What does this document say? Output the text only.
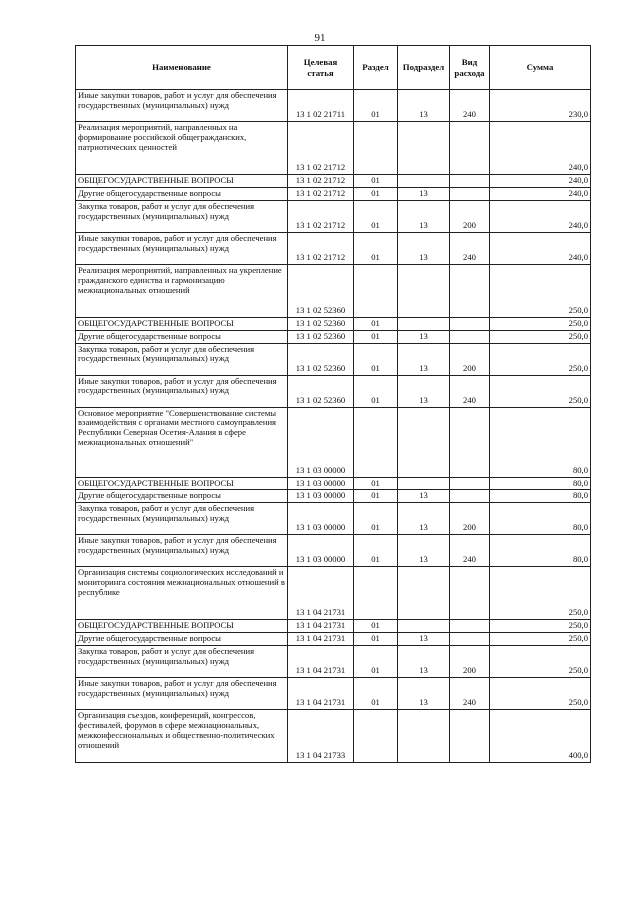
91
Наименование	Целевая статья	Раздел	Подраздел	Вид расхода	Сумма
Иные закупки товаров, работ и услуг для обеспечения государственных (муниципальных) нужд	13 1 02 21711	01	13	240	230,0
Реализация мероприятий, направленных на формирование российской общегражданских, патриотических ценностей	13 1 02 21712				240,0
ОБЩЕГОСУДАРСТВЕННЫЕ ВОПРОСЫ	13 1 02 21712	01			240,0
Другие общегосударственные вопросы	13 1 02 21712	01	13		240,0
Закупка товаров, работ и услуг для обеспечения государственных (муниципальных) нужд	13 1 02 21712	01	13	200	240,0
Иные закупки товаров, работ и услуг для обеспечения государственных (муниципальных) нужд	13 1 02 21712	01	13	240	240,0
Реализация мероприятий, направленных на укрепление гражданского единства и гармонизацию межнациональных отношений	13 1 02 52360				250,0
ОБЩЕГОСУДАРСТВЕННЫЕ ВОПРОСЫ	13 1 02 52360	01			250,0
Другие общегосударственные вопросы	13 1 02 52360	01	13		250,0
Закупка товаров, работ и услуг для обеспечения государственных (муниципальных) нужд	13 1 02 52360	01	13	200	250,0
Иные закупки товаров, работ и услуг для обеспечения государственных (муниципальных) нужд	13 1 02 52360	01	13	240	250,0
Основное мероприятие "Совершенствование системы взаимодействия с органами местного самоуправления Республики Северная Осетия-Алания в сфере межнациональных отношений"	13 1 03 00000				80,0
ОБЩЕГОСУДАРСТВЕННЫЕ ВОПРОСЫ	13 1 03 00000	01			80,0
Другие общегосударственные вопросы	13 1 03 00000	01	13		80,0
Закупка товаров, работ и услуг для обеспечения государственных (муниципальных) нужд	13 1 03 00000	01	13	200	80,0
Иные закупки товаров, работ и услуг для обеспечения государственных (муниципальных) нужд	13 1 03 00000	01	13	240	80,0
Организация системы социологических исследований и мониторинга состояния межнациональных отношений в республике	13 1 04 21731				250,0
ОБЩЕГОСУДАРСТВЕННЫЕ ВОПРОСЫ	13 1 04 21731	01			250,0
Другие общегосударственные вопросы	13 1 04 21731	01	13		250,0
Закупка товаров, работ и услуг для обеспечения государственных (муниципальных) нужд	13 1 04 21731	01	13	200	250,0
Иные закупки товаров, работ и услуг для обеспечения государственных (муниципальных) нужд	13 1 04 21731	01	13	240	250,0
Организация съездов, конференций, конгрессов, фестивалей, форумов в сфере межнациональных, межконфессиональных и общественно-политических отношений	13 1 04 21733				400,0
